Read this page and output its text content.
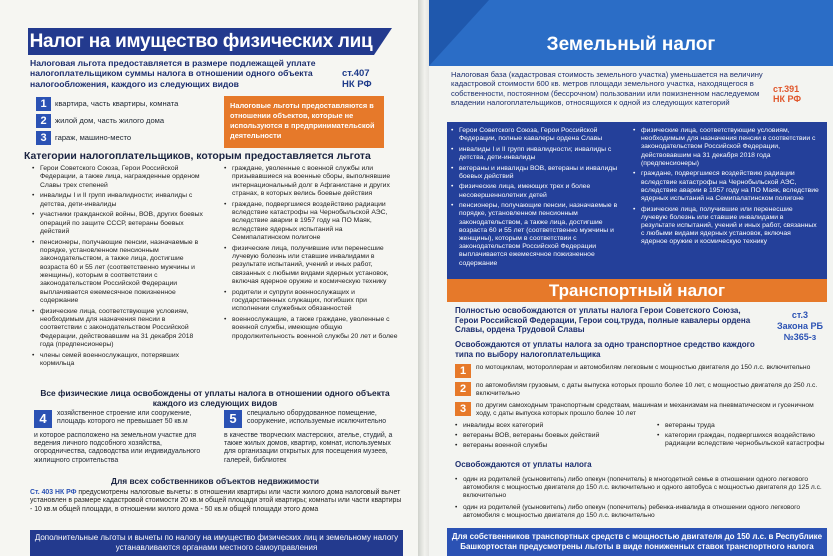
Налог на имущество физических лиц
Налоговая льгота предоставляется в размере подлежащей уплате налогоплательщиком суммы налога в отношении одного объекта налогообложения, каждого из следующих видов
ст.407 НК РФ
1 квартира, часть квартиры, комната
2 жилой дом, часть жилого дома
3 гараж, машино-место
Налоговые льготы предоставляются в отношении объектов, которые не используются в предпринимательской деятельности
Категории налогоплательщиков, которым предоставляется льгота
• Герои Советского Союза, Герои Российской Федерации, а также лица, награжденные орденом Славы трех степеней
• инвалиды I и II групп инвалидности; инвалиды с детства, дети-инвалиды
• участники гражданской войны, ВОВ, других боевых операций по защите СССР, ветераны боевых действий
• пенсионеры, получающие пенсии, назначаемые в порядке, установленном пенсионным законодательством, а также лица, достигшие возраста 60 и 55 лет (соответственно мужчины и женщины), которым в соответствии с законодательством Российской Федерации выплачивается ежемесячное пожизненное содержание
• физические лица, соответствующие условиям, необходимым для назначения пенсии в соответствии с законодательством Российской Федерации, действовавшим на 31 декабря 2018 года (предпенсионеры)
• члены семей военнослужащих, потерявших кормильца
• граждане, уволенные с военной службы или призывавшиеся на военные сборы, выполнявшие интернациональный долг в Афганистане и других странах, в которых велись боевые действия
• граждане, подвергшиеся воздействию радиации вследствие катастрофы на Чернобыльской АЭС, вследствие аварии в 1957 году на ПО Маяк, вследствие ядерных испытаний на Семипалатинском полигоне
• физические лица, получившие или перенесшие лучевую болезнь или ставшие инвалидами в результате испытаний, учений и иных работ, связанных с любыми видами ядерных установок, включая ядерное оружие и космическую технику
• родители и супруги военнослужащих и государственных служащих, погибших при исполнении служебных обязанностей
• военнослужащие, а также граждане, уволенные с военной службы, имеющие общую продолжительность военной службы 20 лет и более
Все физические лица освобождены от уплаты налога в отношении одного объекта каждого из следующих видов
4	хозяйственное строение или сооружение, площадь которого не превышает 50 кв.м
и которое расположено на земельном участке для ведения личного подсобного хозяйства, огородничества, садоводства или индивидуального жилищного строительства
5	специально оборудованное помещение, сооружение, используемые исключительно
в качестве творческих мастерских, ателье, студий, а также жилых домов, квартир, комнат, используемых для организации открытых для посещения музеев, галерей, библиотек
Для всех собственников объектов недвижимости
Ст. 403 НК РФ предусмотрены налоговые вычеты: в отношении квартиры или части жилого дома налоговый вычет установлен в размере кадастровой стоимости 20 кв.м общей площади этой квартиры; комнаты или части квартиры - 10 кв.м общей площади, в отношении жилого дома - 50 кв.м общей площади этого дома
Дополнительные льготы и вычеты по налогу на имущество физических лиц и земельному налогу устанавливаются органами местного самоуправления
Земельный налог
Налоговая база (кадастровая стоимость земельного участка) уменьшается на величину кадастровой стоимости 600 кв. метров площади земельного участка, находящегося в собственности, постоянном (бессрочном) пользовании или пожизненном наследуемом владении налогоплательщиков, относящихся к одной из следующих категорий
ст.391 НК РФ
• Герои Советского Союза, Герои Российской Федерации, полные кавалеры ордена Славы
• инвалиды I и II групп инвалидности; инвалиды с детства, дети-инвалиды
• ветераны и инвалиды ВОВ, ветераны и инвалиды боевых действий
• физические лица, имеющих трех и более несовершеннолетних детей
• пенсионеры, получающие пенсии, назначаемые в порядке, установленном пенсионным законодательством, а также лица, достигшие возраста 60 и 55 лет (соответственно мужчины и женщины), которым в соответствии с законодательством Российской Федерации выплачивается ежемесячное пожизненное содержание
• физические лица, соответствующие условиям, необходимым для назначения пенсии в соответствии с законодательством Российской Федерации, действовавшим на 31 декабря 2018 года (предпенсионеры)
• граждане, подвергшиеся воздействию радиации вследствие катастрофы на Чернобыльской АЭС, вследствие аварии в 1957 году на ПО Маяк, вследствие ядерных испытаний на Семипалатинском полигоне
• физические лица, получившие или перенесшие лучевую болезнь или ставшие инвалидами в результате испытаний, учений и иных работ, связанных с любыми видами ядерных установок, включая ядерное оружие и космическую технику
Транспортный налог
Полностью освобождаются от уплаты налога Герои Советского Союза, Герои Российской Федерации, Герои соц.труда, полные кавалеры ордена Славы, ордена Трудовой Славы
ст.3 Закона РБ №365-з
Освобождаются от уплаты налога за одно транспортное средство каждого типа по выбору налогоплательщика
1	по мотоциклам, мотороллерам и автомобилям легковым с мощностью двигателя до 150 л.с. включительно
2	по автомобилям грузовым, с даты выпуска которых прошло более 10 лет, с мощностью двигателя до 250 л.с. включительно
3	по другим самоходным транспортным средствам, машинам и механизмам на пневматическом и гусеничном ходу, с даты выпуска которых прошло более 10 лет
• инвалиды всех категорий
• ветераны ВОВ, ветераны боевых действий
• ветераны военной службы
• ветераны труда
• категории граждан, подвергшихся воздействию радиации вследствие чернобыльской катастрофы
Освобождаются от уплаты налога
• один из родителей (усыновитель) либо опекун (попечитель) в многодетной семье в отношении одного легкового автомобиля с мощностью двигателя до 150 л.с. включительно и одного автобуса с мощностью двигателя до 125 л.с. включительно
• один из родителей (усыновитель) либо опекун (попечитель) ребенка-инвалида в отношении одного легкового автомобиля с мощностью двигателя до 150 л.с. включительно
Для собственников транспортных средств с мощностью двигателя до 150 л.с. в Республике Башкортостан предусмотрены льготы в виде пониженных ставок транспортного налога
